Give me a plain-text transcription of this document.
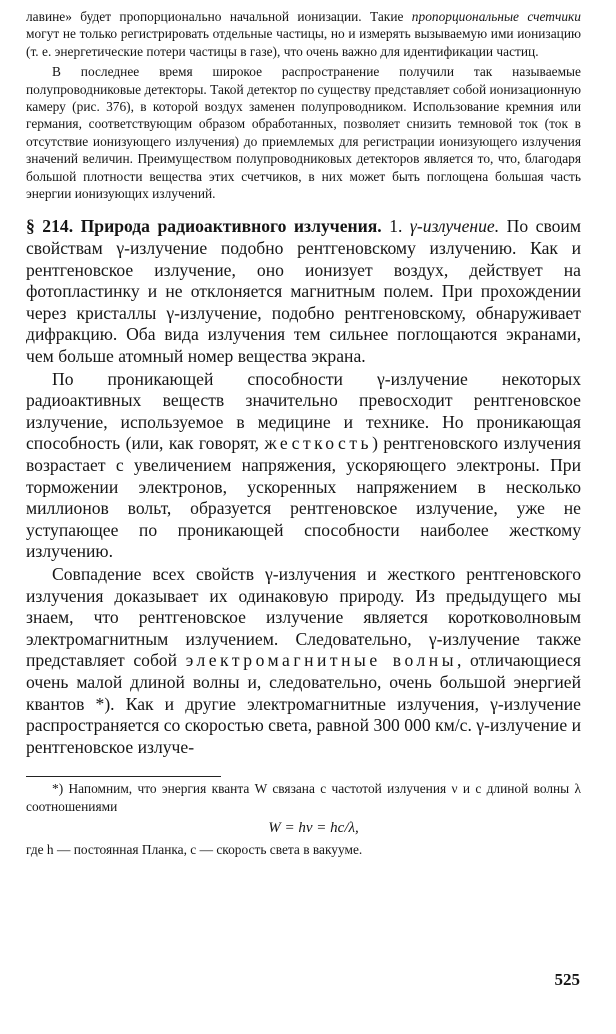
лавине» будет пропорционально начальной ионизации. Такие пропорциональные счетчики могут не только регистрировать отдельные частицы, но и измерять вызываемую ими ионизацию (т. е. энергетические потери частицы в газе), что очень важно для идентификации частиц.

В последнее время широкое распространение получили так называемые полупроводниковые детекторы. Такой детектор по существу представляет собой ионизационную камеру (рис. 376), в которой воздух заменен полупроводником. Использование кремния или германия, соответствующим образом обработанных, позволяет снизить темновой ток (ток в отсутствие ионизующего излучения) до приемлемых для регистрации ионизующего излучения значений величин. Преимуществом полупроводниковых детекторов является то, что, благодаря большой плотности вещества этих счетчиков, в них может быть поглощена большая часть энергии ионизующих излучений.

§ 214. Природа радиоактивного излучения. 1. γ-излучение. По своим свойствам γ-излучение подобно рентгеновскому излучению. Как и рентгеновское излучение, оно ионизует воздух, действует на фотопластинку и не отклоняется магнитным полем. При прохождении через кристаллы γ-излучение, подобно рентгеновскому, обнаруживает дифракцию. Оба вида излучения тем сильнее поглощаются экранами, чем больше атомный номер вещества экрана.

По проникающей способности γ-излучение некоторых радиоактивных веществ значительно превосходит рентгеновское излучение, используемое в медицине и технике. Но проникающая способность (или, как говорят, жесткость) рентгеновского излучения возрастает с увеличением напряжения, ускоряющего электроны. При торможении электронов, ускоренных напряжением в несколько миллионов вольт, образуется рентгеновское излучение, уже не уступающее по проникающей способности наиболее жесткому излучению.

Совпадение всех свойств γ-излучения и жесткого рентгеновского излучения доказывает их одинаковую природу. Из предыдущего мы знаем, что рентгеновское излучение является коротковолновым электромагнитным излучением. Следовательно, γ-излучение также представляет собой электромагнитные волны, отличающиеся очень малой длиной волны и, следовательно, очень большой энергией квантов *). Как и другие электромагнитные излучения, γ-излучение распространяется со скоростью света, равной 300 000 км/с. γ-излучение и рентгеновское излуче-

*) Напомним, что энергия кванта W связана с частотой излучения ν и с длиной волны λ соотношениями

W = hν = hc/λ,

где h — постоянная Планка, c — скорость света в вакууме.

525
